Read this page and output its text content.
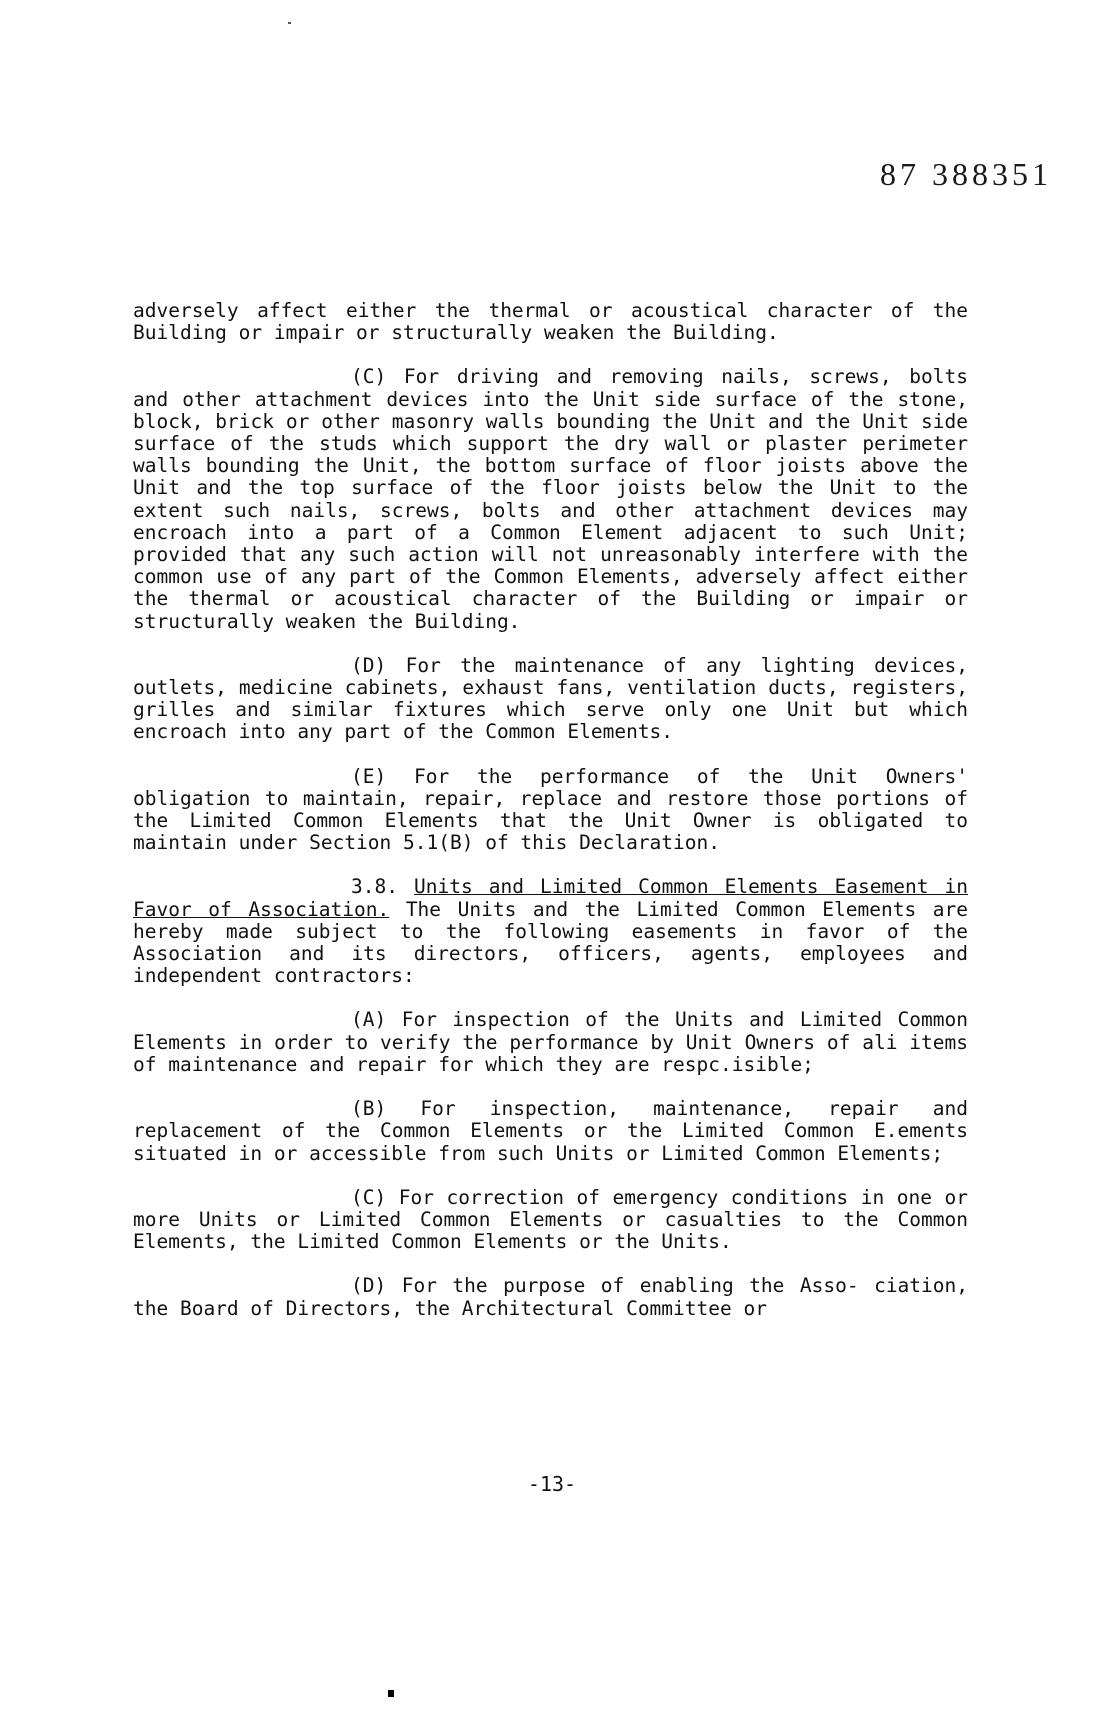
87 388351

adversely affect either the thermal or acoustical character of the Building or impair or structurally weaken the Building.

(C) For driving and removing nails, screws, bolts and other attachment devices into the Unit side surface of the stone, block, brick or other masonry walls bounding the Unit and the Unit side surface of the studs which support the dry wall or plaster perimeter walls bounding the Unit, the bottom surface of floor joists above the Unit and the top surface of the floor joists below the Unit to the extent such nails, screws, bolts and other attachment devices may encroach into a part of a Common Element adjacent to such Unit; provided that any such action will not unreasonably interfere with the common use of any part of the Common Elements, adversely affect either the thermal or acoustical character of the Building or impair or structurally weaken the Building.

(D) For the maintenance of any lighting devices, outlets, medicine cabinets, exhaust fans, ventilation ducts, registers, grilles and similar fixtures which serve only one Unit but which encroach into any part of the Common Elements.

(E) For the performance of the Unit Owners' obligation to maintain, repair, replace and restore those portions of the Limited Common Elements that the Unit Owner is obligated to maintain under Section 5.1(B) of this Declaration.

3.8. Units and Limited Common Elements Easement in Favor of Association. The Units and the Limited Common Elements are hereby made subject to the following easements in favor of the Association and its directors, officers, agents, employees and independent contractors:

(A) For inspection of the Units and Limited Common Elements in order to verify the performance by Unit Owners of ali items of maintenance and repair for which they are respc.isible;

(B) For inspection, maintenance, repair and replacement of the Common Elements or the Limited Common E.ements situated in or accessible from such Units or Limited Common Elements;

(C) For correction of emergency conditions in one or more Units or Limited Common Elements or casualties to the Common Elements, the Limited Common Elements or the Units.

(D) For the purpose of enabling the Asso- ciation, the Board of Directors, the Architectural Committee or

-13-
